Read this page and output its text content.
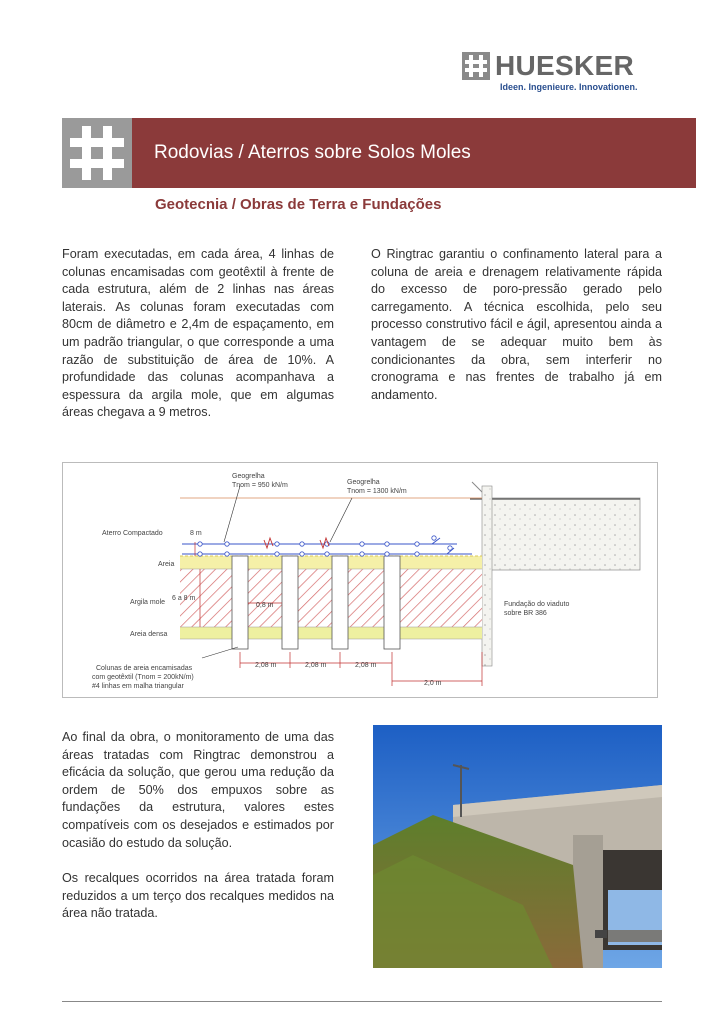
HUESKER
Ideen. Ingenieure. Innovationen.
Rodovias / Aterros sobre Solos Moles
Geotecnia / Obras de Terra e Fundações
Foram executadas, em cada área, 4 linhas de colunas encamisadas com geotêxtil à frente de cada estrutura, além de 2 linhas nas áreas laterais. As colunas foram executadas com 80cm de diâmetro e 2,4m de espaçamento, em um padrão triangular, o que corresponde a uma razão de substituição de área de 10%. A profundidade das colunas acompanhava a espessura da argila mole, que em algumas áreas chegava a 9 metros.
O Ringtrac garantiu o confinamento lateral para a coluna de areia e drenagem relativamente rápida do excesso de poro-pressão gerado pelo carregamento. A técnica escolhida, pelo seu processo construtivo fácil e ágil, apresentou ainda a vantagem de se adequar muito bem às condicionantes da obra, sem interferir no cronograma e nas frentes de trabalho já em andamento.
Geogrelha
Tnom = 950 kN/m	Geogrelha
Tnom = 1300 kN/m
Aterro Compactado	8 m
Areia
Argila mole
6 a 8 m
0,8 m
Areia densa
Colunas de areia encamisadas
com geotêxtil (Tnom = 200kN/m)
#4 linhas em malha triangular
2,08 m	2,08 m	2,08 m
2,0 m
Fundação do viaduto
sobre BR 386

Ao final da obra, o monitoramento de uma das áreas tratadas com Ringtrac demonstrou a eficácia da solução, que gerou uma redução da ordem de 50% dos empuxos sobre as fundações da estrutura, valores estes compatíveis com os desejados e estimados por ocasião do estudo da solução.

Os recalques ocorridos na área tratada foram reduzidos a um terço dos recalques medidos na área não tratada.
